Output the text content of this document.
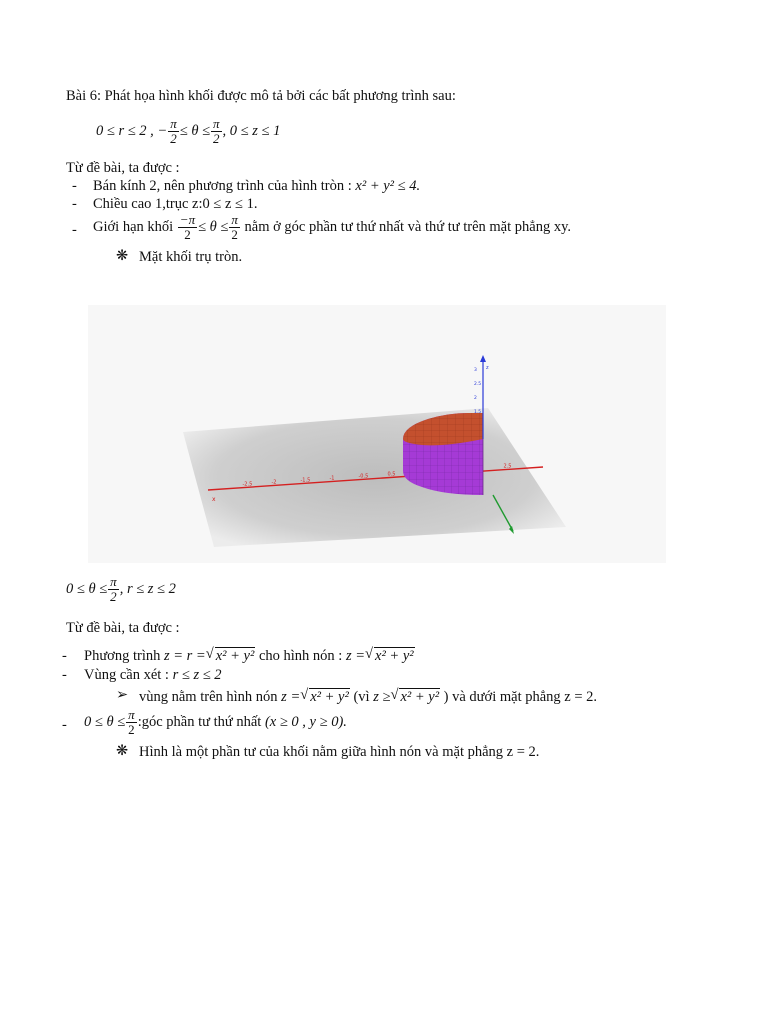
Bài 6: Phát họa hình khối được mô tả bởi các bất phương trình sau:
0 ≤ r ≤ 2 , − $\frac{\pi}{2} \le \theta \le \frac{\pi}{2}$ , 0 ≤ z ≤ 1
Từ đề bài, ta được :
- Bán kính 2, nên phương trình của hình tròn : x² + y² ≤ 4.
- Chiều cao 1,trục z:0 ≤ z ≤ 1.
- Giới hạn khối $\frac{-\pi}{2} \le \theta \le \frac{\pi}{2}$ nằm ở góc phần tư thứ nhất và thứ tư trên mặt phẳng xy.
❋ Mặt khối trụ tròn.
-2.5	-2	-1.5	-1	-0.5	0.5
2.5
x
3
2.5
2
1.5
z
$0 \le \theta \le \frac{\pi}{2}$ , r ≤ z ≤ 2
Từ đề bài, ta được :
- Phương trình z = r = √ x² + y² cho hình nón : z = √ x² + y²
- Vùng cần xét : r ≤ z ≤ 2
➢ vùng nằm trên hình nón z = √ x² + y² (vì z ≥ √ x² + y² ) và dưới mặt phẳng z = 2.
- $0 \le \theta \le \frac{\pi}{2}$ :góc phần tư thứ nhất (x ≥ 0 , y ≥ 0).
❋ Hình là một phần tư của khối nằm giữa hình nón và mặt phẳng z = 2.
